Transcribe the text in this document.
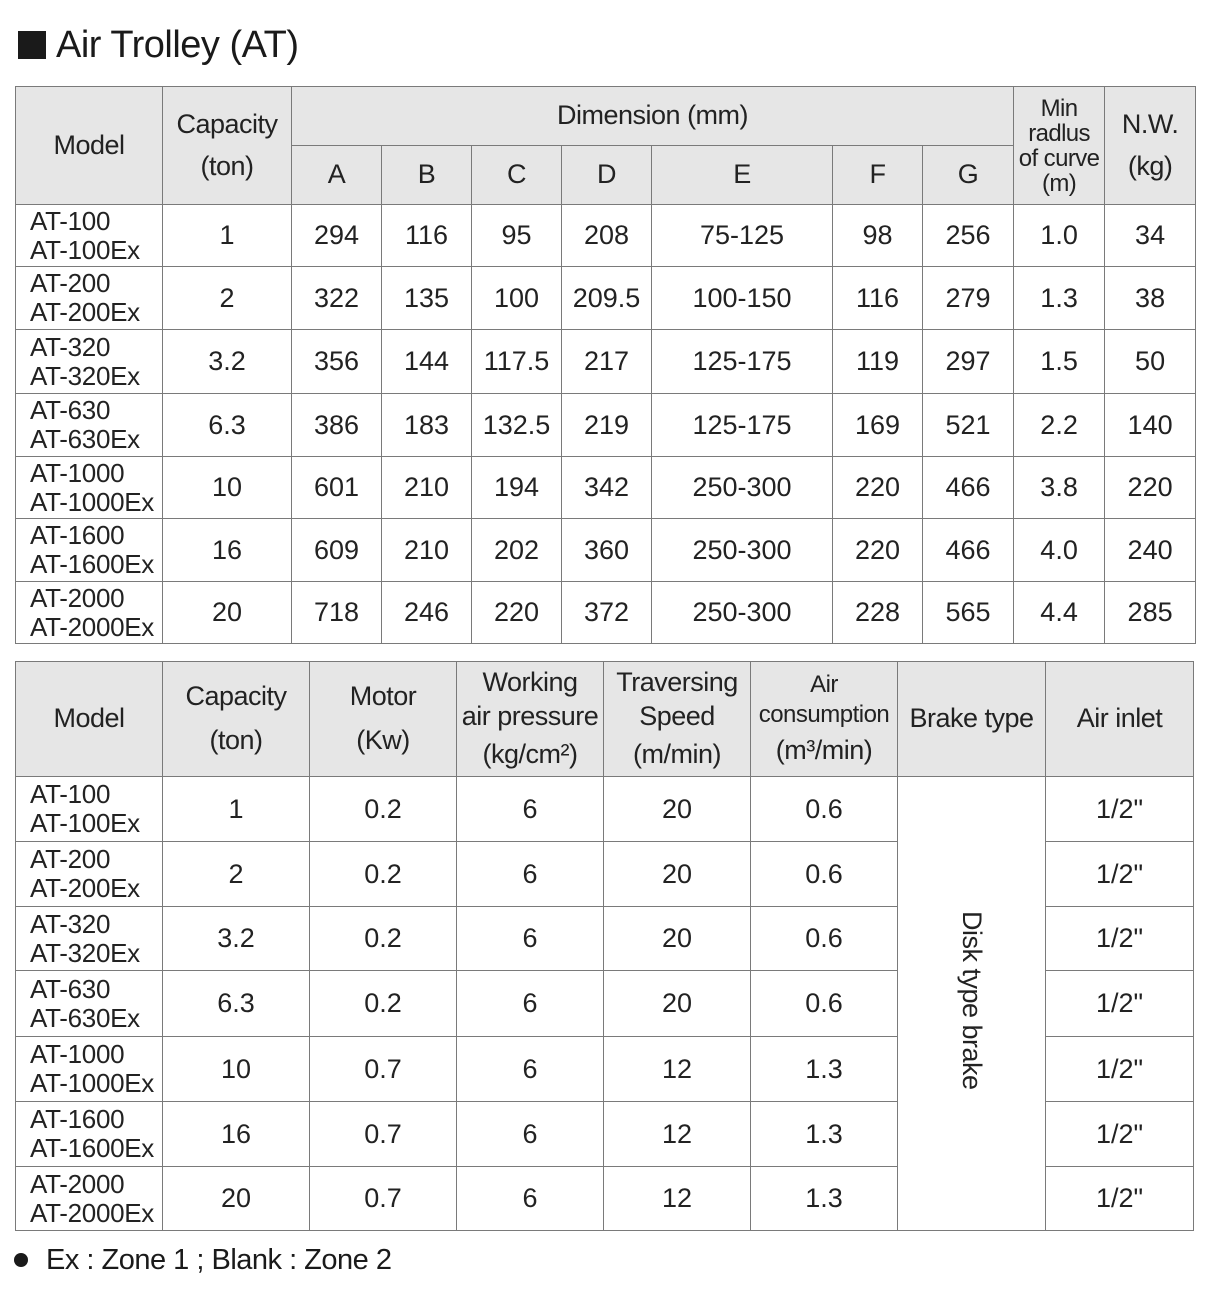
Air Trolley (AT)
Model	Capacity
(ton)	Dimension (mm)							Min
radlus
of curve
(m)	N.W.
(kg)

		A	B	C	D	E	F	G		

AT-100
AT-100Ex	1	294	116	95	208	75-125	98	256	1.0	34

AT-200
AT-200Ex	2	322	135	100	209.5	100-150	116	279	1.3	38

AT-320
AT-320Ex	3.2	356	144	117.5	217	125-175	119	297	1.5	50

AT-630
AT-630Ex	6.3	386	183	132.5	219	125-175	169	521	2.2	140

AT-1000
AT-1000Ex	10	601	210	194	342	250-300	220	466	3.8	220

AT-1600
AT-1600Ex	16	609	210	202	360	250-300	220	466	4.0	240

AT-2000
AT-2000Ex	20	718	246	220	372	250-300	228	565	4.4	285
Model	Capacity
(ton)	Motor
(Kw)	Working
air pressure
(kg/cm²)	Traversing
Speed
(m/min)	Air
consumption
(m³/min)	Brake type	Air inlet

AT-100
AT-100Ex	1	0.2	6	20	0.6	Disk type brake	1/2"

AT-200
AT-200Ex	2	0.2	6	20	0.6		1/2"

AT-320
AT-320Ex	3.2	0.2	6	20	0.6		1/2"

AT-630
AT-630Ex	6.3	0.2	6	20	0.6		1/2"

AT-1000
AT-1000Ex	10	0.7	6	12	1.3		1/2"

AT-1600
AT-1600Ex	16	0.7	6	12	1.3		1/2"

AT-2000
AT-2000Ex	20	0.7	6	12	1.3		1/2"
Ex : Zone 1 ; Blank : Zone 2
